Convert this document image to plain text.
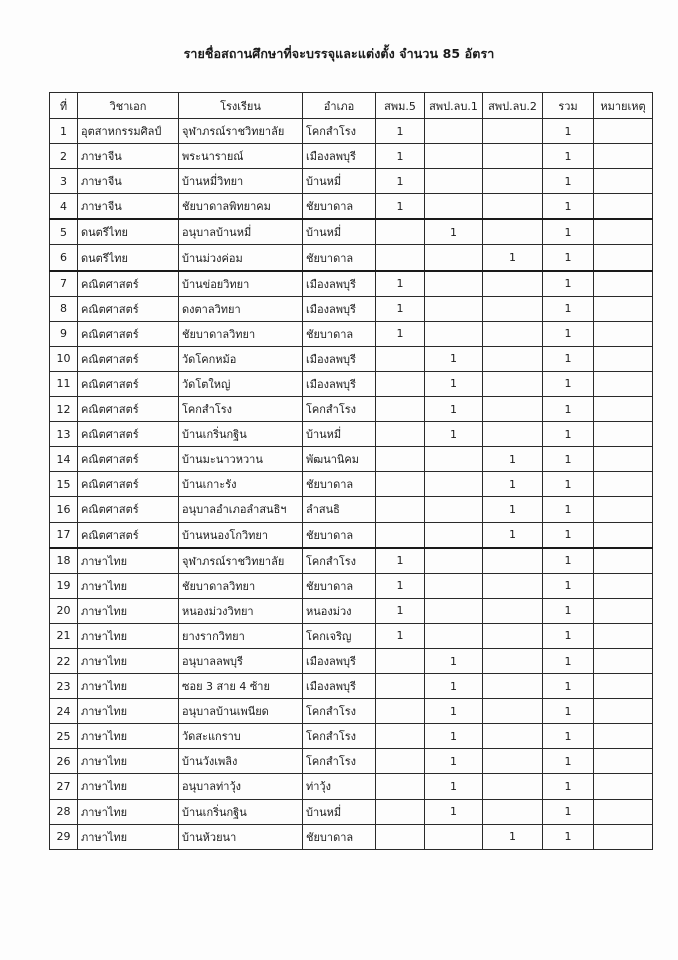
รายชื่อสถานศึกษาที่จะบรรจุและแต่งตั้ง จำนวน 85 อัตรา
ที่	วิชาเอก	โรงเรียน	อำเภอ	สพม.5	สพป.ลบ.1	สพป.ลบ.2	รวม	หมายเหตุ
1	อุตสาหกรรมศิลป์	จุฬาภรณ์ราชวิทยาลัย	โคกสำโรง	1			1	
2	ภาษาจีน	พระนารายณ์	เมืองลพบุรี	1			1	
3	ภาษาจีน	บ้านหมี่วิทยา	บ้านหมี่	1			1	
4	ภาษาจีน	ชัยบาดาลพิทยาคม	ชัยบาดาล	1			1	
5	ดนตรีไทย	อนุบาลบ้านหมี่	บ้านหมี่		1		1	
6	ดนตรีไทย	บ้านม่วงค่อม	ชัยบาดาล			1	1	
7	คณิตศาสตร์	บ้านข่อยวิทยา	เมืองลพบุรี	1			1	
8	คณิตศาสตร์	ดงตาลวิทยา	เมืองลพบุรี	1			1	
9	คณิตศาสตร์	ชัยบาดาลวิทยา	ชัยบาดาล	1			1	
10	คณิตศาสตร์	วัดโคกหม้อ	เมืองลพบุรี		1		1	
11	คณิตศาสตร์	วัดโตใหญ่	เมืองลพบุรี		1		1	
12	คณิตศาสตร์	โคกสำโรง	โคกสำโรง		1		1	
13	คณิตศาสตร์	บ้านเกริ่นกฐิน	บ้านหมี่		1		1	
14	คณิตศาสตร์	บ้านมะนาวหวาน	พัฒนานิคม			1	1	
15	คณิตศาสตร์	บ้านเกาะรัง	ชัยบาดาล			1	1	
16	คณิตศาสตร์	อนุบาลอำเภอลำสนธิฯ	ลำสนธิ			1	1	
17	คณิตศาสตร์	บ้านหนองโกวิทยา	ชัยบาดาล			1	1	
18	ภาษาไทย	จุฬาภรณ์ราชวิทยาลัย	โคกสำโรง	1			1	
19	ภาษาไทย	ชัยบาดาลวิทยา	ชัยบาดาล	1			1	
20	ภาษาไทย	หนองม่วงวิทยา	หนองม่วง	1			1	
21	ภาษาไทย	ยางรากวิทยา	โคกเจริญ	1			1	
22	ภาษาไทย	อนุบาลลพบุรี	เมืองลพบุรี		1		1	
23	ภาษาไทย	ซอย 3 สาย 4 ซ้าย	เมืองลพบุรี		1		1	
24	ภาษาไทย	อนุบาลบ้านเพนียด	โคกสำโรง		1		1	
25	ภาษาไทย	วัดสะแกราบ	โคกสำโรง		1		1	
26	ภาษาไทย	บ้านวังเพลิง	โคกสำโรง		1		1	
27	ภาษาไทย	อนุบาลท่าวุ้ง	ท่าวุ้ง		1		1	
28	ภาษาไทย	บ้านเกริ่นกฐิน	บ้านหมี่		1		1	
29	ภาษาไทย	บ้านห้วยนา	ชัยบาดาล			1	1	
